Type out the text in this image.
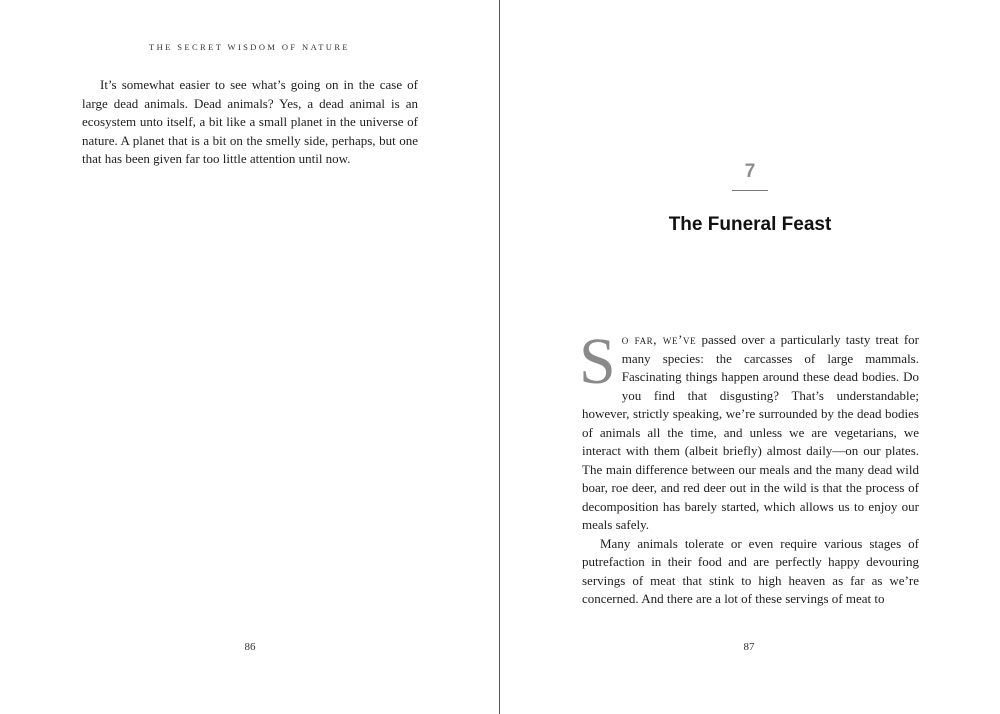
THE SECRET WISDOM OF NATURE

It’s somewhat easier to see what’s going on in the case of large dead animals. Dead animals? Yes, a dead animal is an ecosystem unto itself, a bit like a small planet in the universe of nature. A planet that is a bit on the smelly side, perhaps, but one that has been given far too little attention until now.

86
7
The Funeral Feast

So far, we’ve passed over a particularly tasty treat for many species: the carcasses of large mammals. Fascinating things happen around these dead bodies. Do you find that disgusting? That’s understandable; however, strictly speaking, we’re surrounded by the dead bodies of animals all the time, and unless we are vegetarians, we interact with them (albeit briefly) almost daily—on our plates. The main difference between our meals and the many dead wild boar, roe deer, and red deer out in the wild is that the process of decomposition has barely started, which allows us to enjoy our meals safely.

Many animals tolerate or even require various stages of putrefaction in their food and are perfectly happy devouring servings of meat that stink to high heaven as far as we’re concerned. And there are a lot of these servings of meat to

87
